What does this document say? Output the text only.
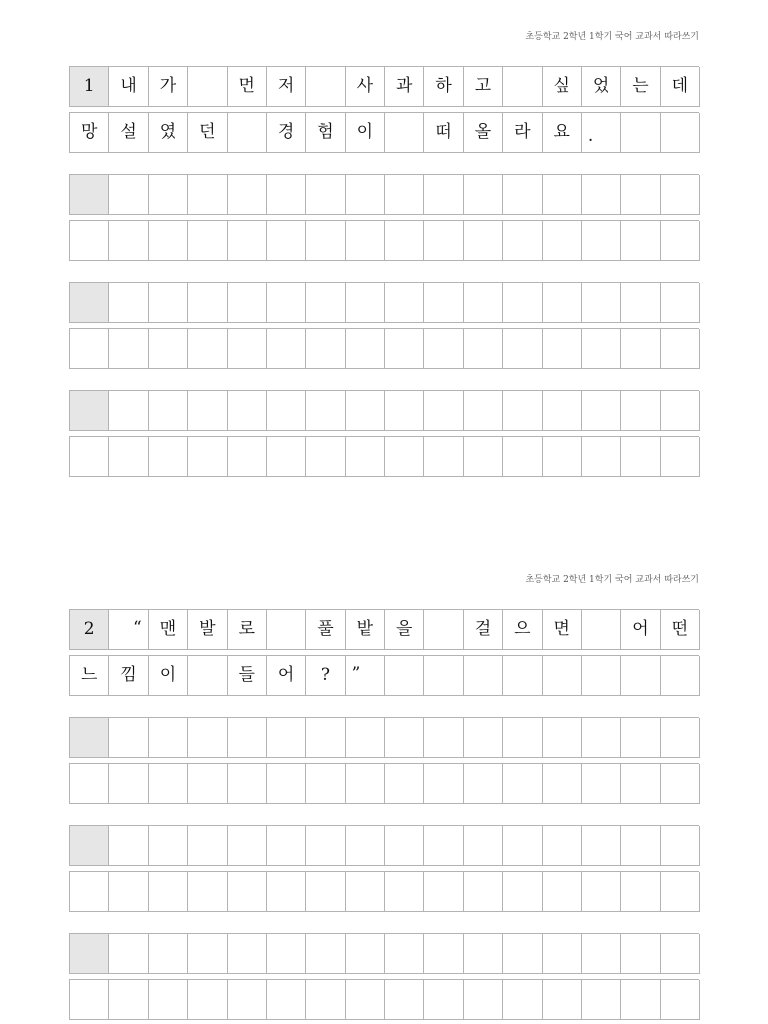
초등학교 2학년 1학기 국어 교과서 따라쓰기
1	내	가	먼	저	사	과	하	고	싶	었	는	데
망	설	였	던	경	험	이	떠	올	라	요	.
초등학교 2학년 1학기 국어 교과서 따라쓰기
2	“	맨	발	로	풀	밭	을	걸	으	면	어	떤
느	낌	이	들	어	?	”
